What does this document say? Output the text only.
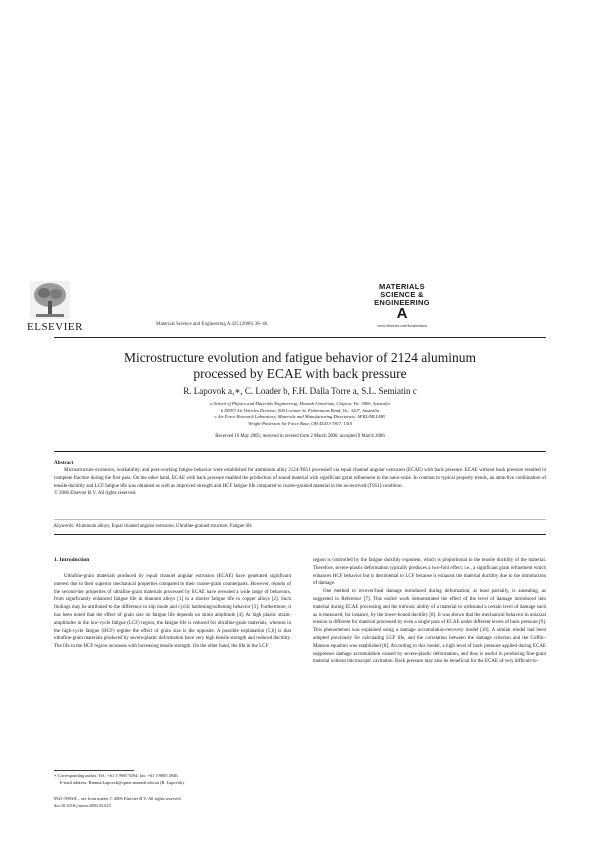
ELSEVIER	Materials Science and Engineering A 425 (2006) 36–46
MATERIALS
SCIENCE &
ENGINEERING
A
www.elsevier.com/locate/msea
Microstructure evolution and fatigue behavior of 2124 aluminum
processed by ECAE with back pressure
R. Lapovok a,∗, C. Loader b, F.H. Dalla Torre a, S.L. Semiatin c
a School of Physics and Materials Engineering, Monash University, Clayton, Vic. 3800, Australia
b DSTO Air Vehicles Division, 506 Lorimer St. Fishermans Bend, Vic. 3207, Australia
c Air Force Research Laboratory, Materials and Manufacturing Directorate, AFRL/MLLMP,
Wright-Patterson Air Force Base, OH 45433-7817, USA
Received 16 May 2005; received in revised form 2 March 2006; accepted 9 March 2006
Abstract
Microstructure evolution, workability, and post-working fatigue behavior were established for aluminum alloy 2124-T851 processed via equal channel angular extrusion (ECAE) with back pressure. ECAE without back pressure resulted in complete fracture during the first pass. On the other hand, ECAE with back pressure enabled the production of sound material with significant grain refinement to the nano-scale. In contrast to typical property trends, an attractive combination of tensile ductility and LCF fatigue life was obtained as well as improved strength and HCF fatigue life compared to coarse-grained material in the as-received (T851) condition.
© 2006 Elsevier B.V. All rights reserved.
Keywords: Aluminum alloys; Equal channel angular extrusion; Ultrafine-grained structure; Fatigue life
1. Introduction

Ultrafine-grain materials produced by equal channel angular extrusion (ECAE) have generated significant interest due to their superior mechanical properties compared to their coarse-grain counterparts. However, reports of the second-tier properties of ultrafine-grain materials processed by ECAE have revealed a wide range of behaviors, from significantly enhanced fatigue life in titanium alloys [1] to a shorter fatigue life in copper alloys [2]. Such findings may be attributed to the difference in slip mode and cyclic hardening/softening behavior [3]. Furthermore, it has been noted that the effect of grain size on fatigue life depends on strain amplitude [4]. At high plastic strain-amplitudes in the low-cycle fatigue (LCF) region, the fatigue life is reduced for ultrafine-grain materials, whereas in the high-cycle fatigue (HCF) regime the effect of grain size is the opposite. A possible explanation [5,6] is that ultrafine-grain materials produced by severe-plastic deformation have very high tensile strength and reduced ductility. The life in the HCF region increases with increasing tensile strength. On the other hand, the life in the LCF

region is controlled by the fatigue ductility exponent, which is proportional to the tensile ductility of the material. Therefore, severe-plastic deformation typically produces a two-fold effect, i.e., a significant grain refinement which enhances HCF behavior but is detrimental to LCF because it exhausts the material ductility due to the introduction of damage.

One method to recover/heal damage introduced during deformation, at least partially, is annealing, as suggested in Reference [7]. This earlier work demonstrated the effect of the level of damage introduced into material during ECAE processing and the intrinsic ability of a material to withstand a certain level of damage such as is measured, for instance, by the lower-bound ductility [8]. It was shown that the mechanical behavior in uniaxial tension is different for material processed by even a single pass of ECAE under different levels of back pressure [9]. This phenomenon was explained using a damage accumulation-recovery model [10]. A similar model had been adopted previously for calculating LCF life, and the correlation between the damage criterion and the Coffin–Manson equation was established [8]. According to this model, a high level of back pressure applied during ECAE suppresses damage accumulation caused by severe-plastic deformation, and thus is useful in producing fine-grain material without microscopic cavitation. Back pressure may also be beneficial for the ECAE of very difficult-to-

∗ Corresponding author. Tel.: +61 3 9905 9294; fax: +61 3 9905 4940.
E-mail address: Rimma.Lapovok@spme.monash.edu.au (R. Lapovok).
0921-5093/$ – see front matter © 2006 Elsevier B.V. All rights reserved.
doi:10.1016/j.msea.2006.03.023
